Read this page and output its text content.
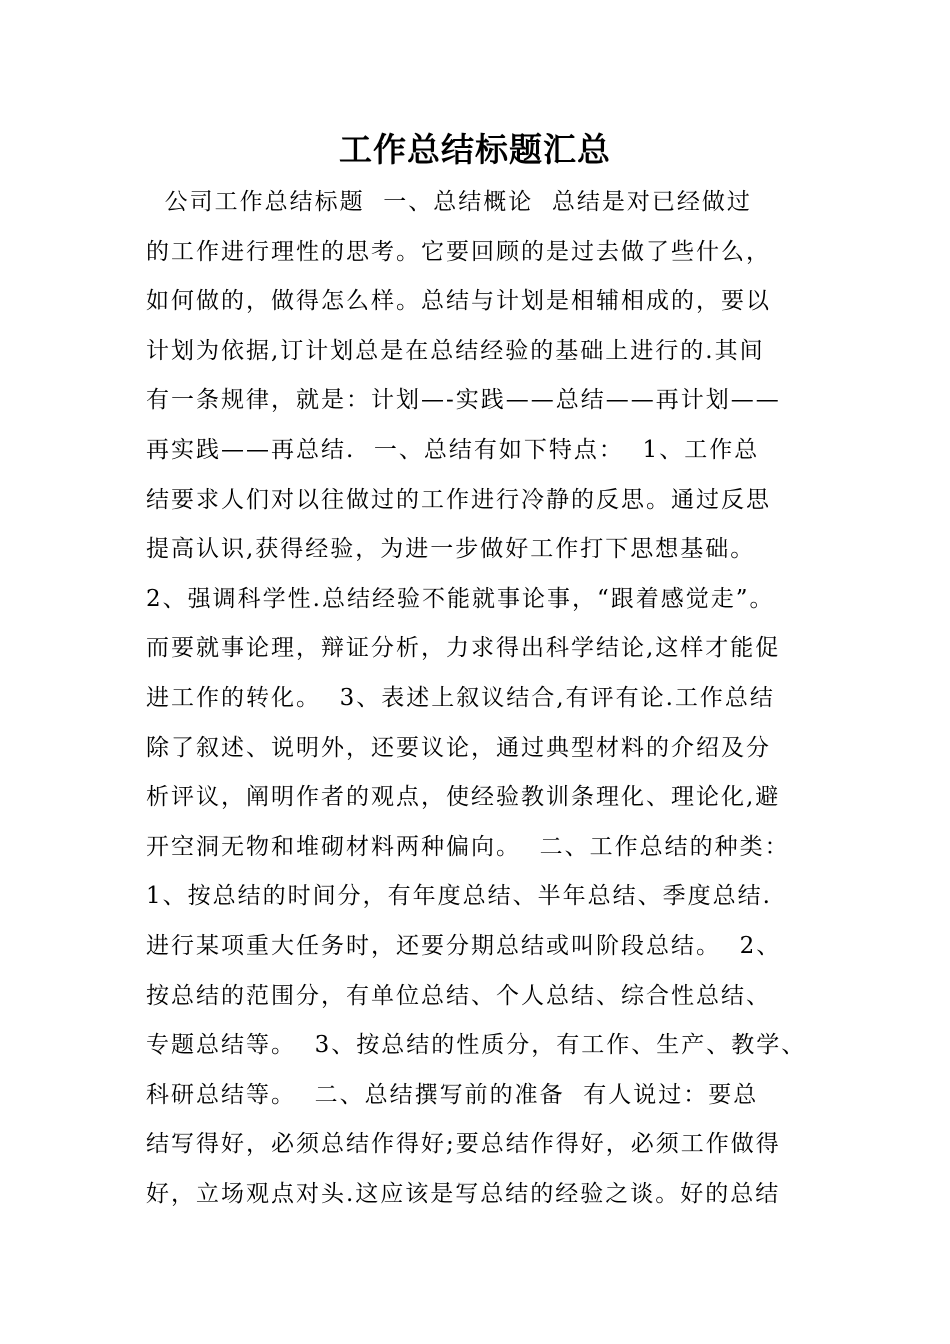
工作总结标题汇总
公司工作总结标题  一、总结概论  总结是对已经做过
的工作进行理性的思考。它要回顾的是过去做了些什么，
如何做的，做得怎么样。总结与计划是相辅相成的，要以
计划为依据,订计划总是在总结经验的基础上进行的.其间
有一条规律，就是：计划—-实践——总结——再计划——
再实践——再总结.  一、总结有如下特点：  1、工作总
结要求人们对以往做过的工作进行冷静的反思。通过反思
提高认识,获得经验，为进一步做好工作打下思想基础。
2、强调科学性.总结经验不能就事论事，“跟着感觉走”。
而要就事论理，辩证分析，力求得出科学结论,这样才能促
进工作的转化。  3、表述上叙议结合,有评有论.工作总结
除了叙述、说明外，还要议论，通过典型材料的介绍及分
析评议，阐明作者的观点，使经验教训条理化、理论化,避
开空洞无物和堆砌材料两种偏向。  二、工作总结的种类：
1、按总结的时间分，有年度总结、半年总结、季度总结.
进行某项重大任务时，还要分期总结或叫阶段总结。  2、
按总结的范围分，有单位总结、个人总结、综合性总结、
专题总结等。  3、按总结的性质分，有工作、生产、教学、
科研总结等。  二、总结撰写前的准备  有人说过：要总
结写得好，必须总结作得好;要总结作得好，必须工作做得
好，立场观点对头.这应该是写总结的经验之谈。好的总结
